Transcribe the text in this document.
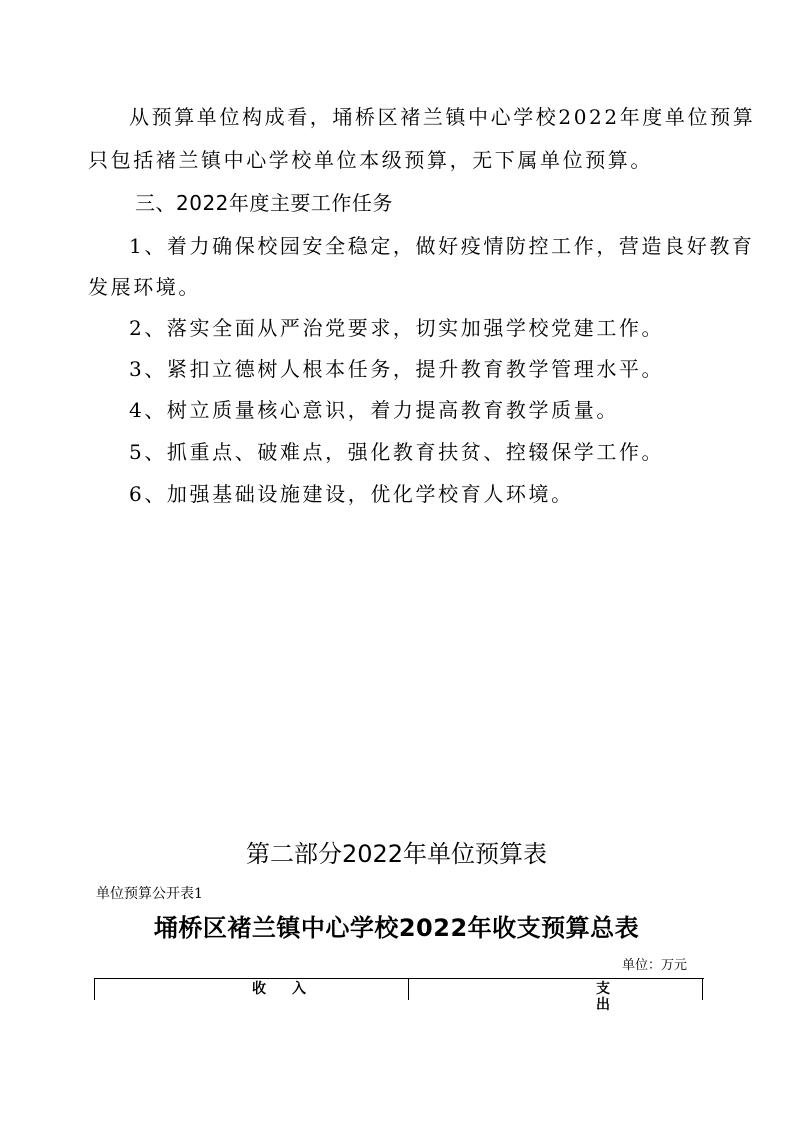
从预算单位构成看，埇桥区褚兰镇中心学校2022年度单位预算
只包括褚兰镇中心学校单位本级预算，无下属单位预算。
三、2022年度主要工作任务
1、着力确保校园安全稳定，做好疫情防控工作，营造良好教育
发展环境。
2、落实全面从严治党要求，切实加强学校党建工作。
3、紧扣立德树人根本任务，提升教育教学管理水平。
4、树立质量核心意识，着力提高教育教学质量。
5、抓重点、破难点，强化教育扶贫、控辍保学工作。
6、加强基础设施建设，优化学校育人环境。
第二部分2022年单位预算表
单位预算公开表1
埇桥区褚兰镇中心学校2022年收支预算总表
单位：万元
收入	支出
